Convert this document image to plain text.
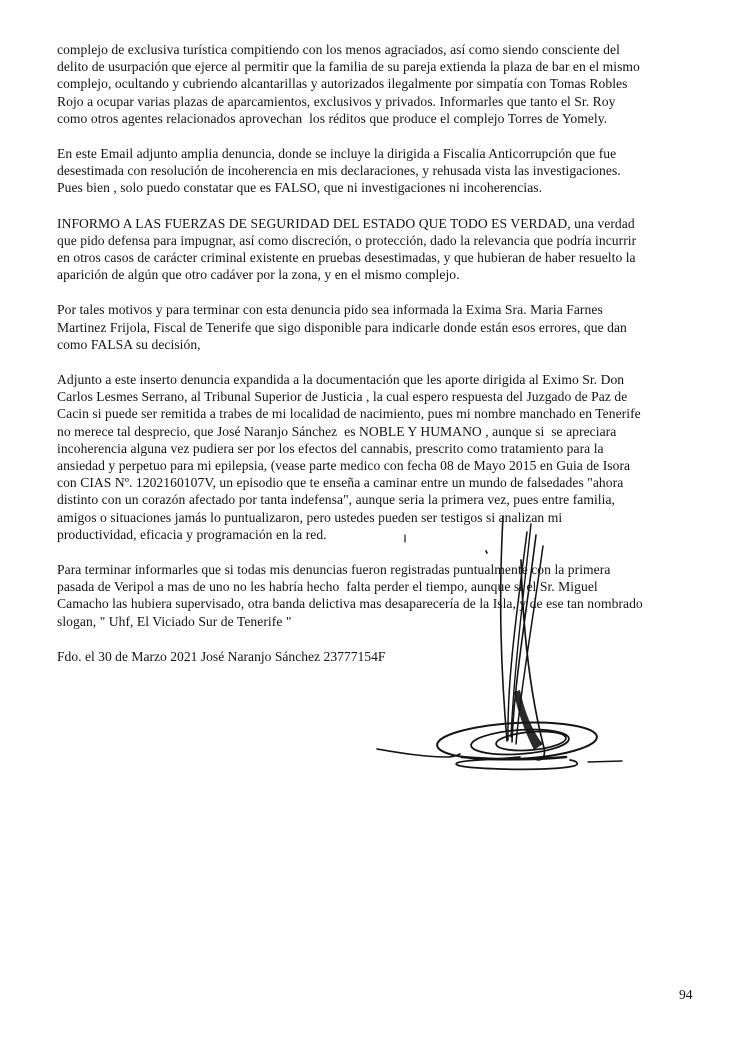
complejo de exclusiva turística compitiendo con los menos agraciados, así como siendo consciente del
delito de usurpación que ejerce al permitir que la familia de su pareja extienda la plaza de bar en el mismo
complejo, ocultando y cubriendo alcantarillas y autorizados ilegalmente por simpatía con Tomas Robles
Rojo a ocupar varias plazas de aparcamientos, exclusivos y privados. Informarles que tanto el Sr. Roy
como otros agentes relacionados aprovechan  los réditos que produce el complejo Torres de Yomely.
En este Email adjunto amplia denuncia, donde se incluye la dirigida a Fiscalia Anticorrupción que fue
desestimada con resolución de incoherencia en mis declaraciones, y rehusada vista las investigaciones.
Pues bien , solo puedo constatar que es FALSO, que ni investigaciones ni incoherencias.
INFORMO A LAS FUERZAS DE SEGURIDAD DEL ESTADO QUE TODO ES VERDAD, una verdad
que pido defensa para impugnar, así como discreción, o protección, dado la relevancia que podría incurrir
en otros casos de carácter criminal existente en pruebas desestimadas, y que hubieran de haber resuelto la
aparición de algún que otro cadáver por la zona, y en el mismo complejo.
Por tales motivos y para terminar con esta denuncia pido sea informada la Exima Sra. Maria Farnes
Martinez Frijola, Fiscal de Tenerife que sigo disponible para indicarle donde están esos errores, que dan
como FALSA su decisión,
Adjunto a este inserto denuncia expandida a la documentación que les aporte dirigida al Eximo Sr. Don
Carlos Lesmes Serrano, al Tribunal Superior de Justicia , la cual espero respuesta del Juzgado de Paz de
Cacin si puede ser remitida a trabes de mi localidad de nacimiento, pues mi nombre manchado en Tenerife
no merece tal desprecio, que José Naranjo Sánchez  es NOBLE Y HUMANO , aunque si  se apreciara
incoherencia alguna vez pudiera ser por los efectos del cannabis, prescrito como tratamiento para la
ansiedad y perpetuo para mi epilepsia, (vease parte medico con fecha 08 de Mayo 2015 en Guia de Isora
con CIAS Nº. 1202160107V, un episodio que te enseña a caminar entre un mundo de falsedades "ahora
distinto con un corazón afectado por tanta indefensa", aunque seria la primera vez, pues entre familia,
amigos o situaciones jamás lo puntualizaron, pero ustedes pueden ser testigos si analizan mi
productividad, eficacia y programación en la red.
Para terminar informarles que si todas mis denuncias fueron registradas puntualmente con la primera
pasada de Veripol a mas de uno no les habría hecho  falta perder el tiempo, aunque si el Sr. Miguel
Camacho las hubiera supervisado, otra banda delictiva mas desaparecería de la Isla, y de ese tan nombrado
slogan, " Uhf, El Viciado Sur de Tenerife "
Fdo. el 30 de Marzo 2021 José Naranjo Sánchez 23777154F
94
